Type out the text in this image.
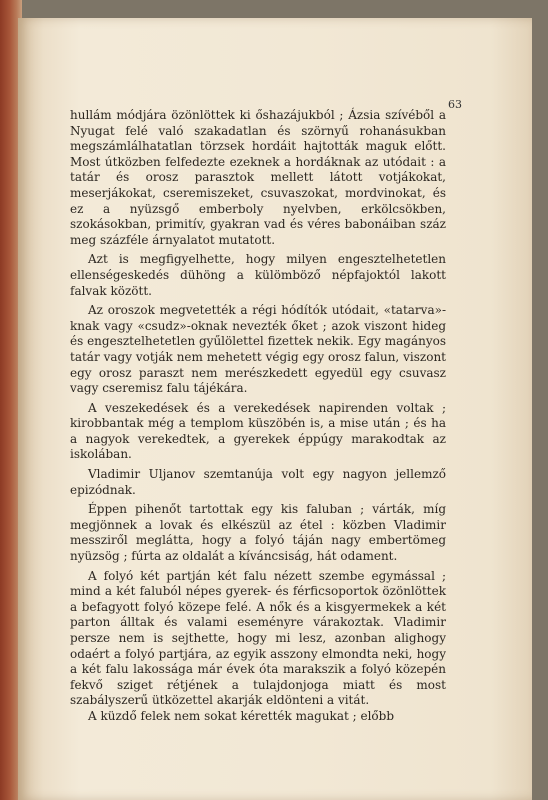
63

hullám módjára özönlöttek ki őshazájukból ; Ázsia szívéből a Nyugat felé való szakadatlan és szörnyű rohanásukban megszámlálhatatlan törzsek hordáit hajtották maguk előtt. Most útközben felfedezte ezeknek a hordáknak az utódait : a tatár és orosz parasztok mellett látott votjákokat, meserjákokat, cseremiszeket, csuvaszokat, mordvinokat, és ez a nyüzsgő emberboly nyelvben, erkölcsökben, szokásokban, primitív, gyakran vad és véres babonáiban száz meg százféle árnyalatot mutatott.

Azt is megfigyelhette, hogy milyen engesztelhetetlen ellenségeskedés dühöng a külömböző népfajoktól lakott falvak között.

Az oroszok megvetették a régi hódítók utódait, «tatarva»-knak vagy «csudz»-oknak nevezték őket ; azok viszont hideg és engesztelhetetlen gyűlölettel fizettek nekik. Egy magányos tatár vagy votják nem mehetett végig egy orosz falun, viszont egy orosz paraszt nem merészkedett egyedül egy csuvasz vagy cseremisz falu tájékára.

A veszekedések és a verekedések napirenden voltak ; kirobbantak még a templom küszöbén is, a mise után ; és ha a nagyok verekedtek, a gyerekek éppúgy marakodtak az iskolában.

Vladimir Uljanov szemtanúja volt egy nagyon jellemző epizódnak.

Éppen pihenőt tartottak egy kis faluban ; várták, míg megjönnek a lovak és elkészül az étel : közben Vladimir messziről meglátta, hogy a folyó táján nagy embertömeg nyüzsög ; fúrta az oldalát a kíváncsiság, hát odament.

A folyó két partján két falu nézett szembe egymással ; mind a két faluból népes gyerek- és férficsoportok özönlöttek a befagyott folyó közepe felé. A nők és a kisgyermekek a két parton álltak és valami eseményre várakoztak. Vladimir persze nem is sejthette, hogy mi lesz, azonban alighogy odaért a folyó partjára, az egyik asszony elmondta neki, hogy a két falu lakossága már évek óta marakszik a folyó közepén fekvő sziget rétjének a tulajdonjoga miatt és most szabályszerű ütközettel akarják eldönteni a vitát.

A küzdő felek nem sokat kérették magukat ; előbb
